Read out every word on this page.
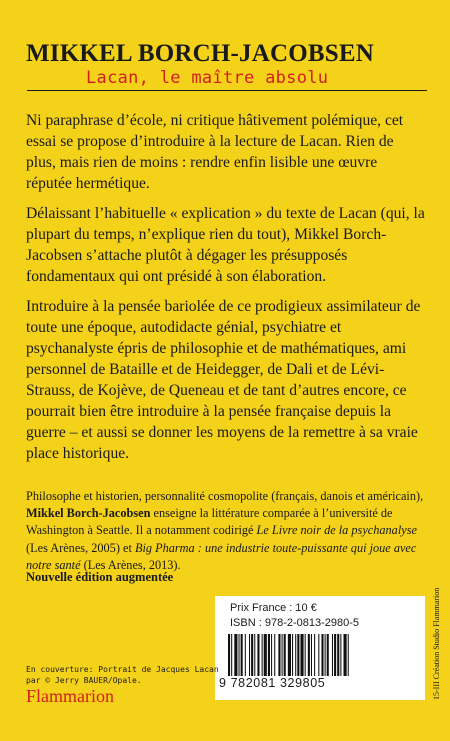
MIKKEL BORCH-JACOBSEN
Lacan, le maître absolu

Ni paraphrase d’école, ni critique hâtivement polémique, cet essai se propose d’introduire à la lecture de Lacan. Rien de plus, mais rien de moins : rendre enfin lisible une œuvre réputée hermétique.

Délaissant l’habituelle « explication » du texte de Lacan (qui, la plupart du temps, n’explique rien du tout), Mikkel Borch-Jacobsen s’attache plutôt à dégager les présupposés fondamentaux qui ont présidé à son élaboration.

Introduire à la pensée bariolée de ce prodigieux assimilateur de toute une époque, autodidacte génial, psychiatre et psychanalyste épris de philosophie et de mathématiques, ami personnel de Bataille et de Heidegger, de Dali et de Lévi-Strauss, de Kojève, de Queneau et de tant d’autres encore, ce pourrait bien être introduire à la pensée française depuis la guerre – et aussi se donner les moyens de la remettre à sa vraie place historique.

Philosophe et historien, personnalité cosmopolite (français, danois et américain), Mikkel Borch-Jacobsen enseigne la littérature comparée à l’université de Washington à Seattle. Il a notamment codirigé Le Livre noir de la psychanalyse (Les Arènes, 2005) et Big Pharma : une industrie toute-puissante qui joue avec notre santé (Les Arènes, 2013).
Nouvelle édition augmentée
Prix France : 10 €
ISBN : 978-2-0813-2980-5
9 782081 329805
En couverture: Portrait de Jacques Lacan
par © Jerry BAUER/Opale.
Flammarion	15-III Création Studio Flammarion
